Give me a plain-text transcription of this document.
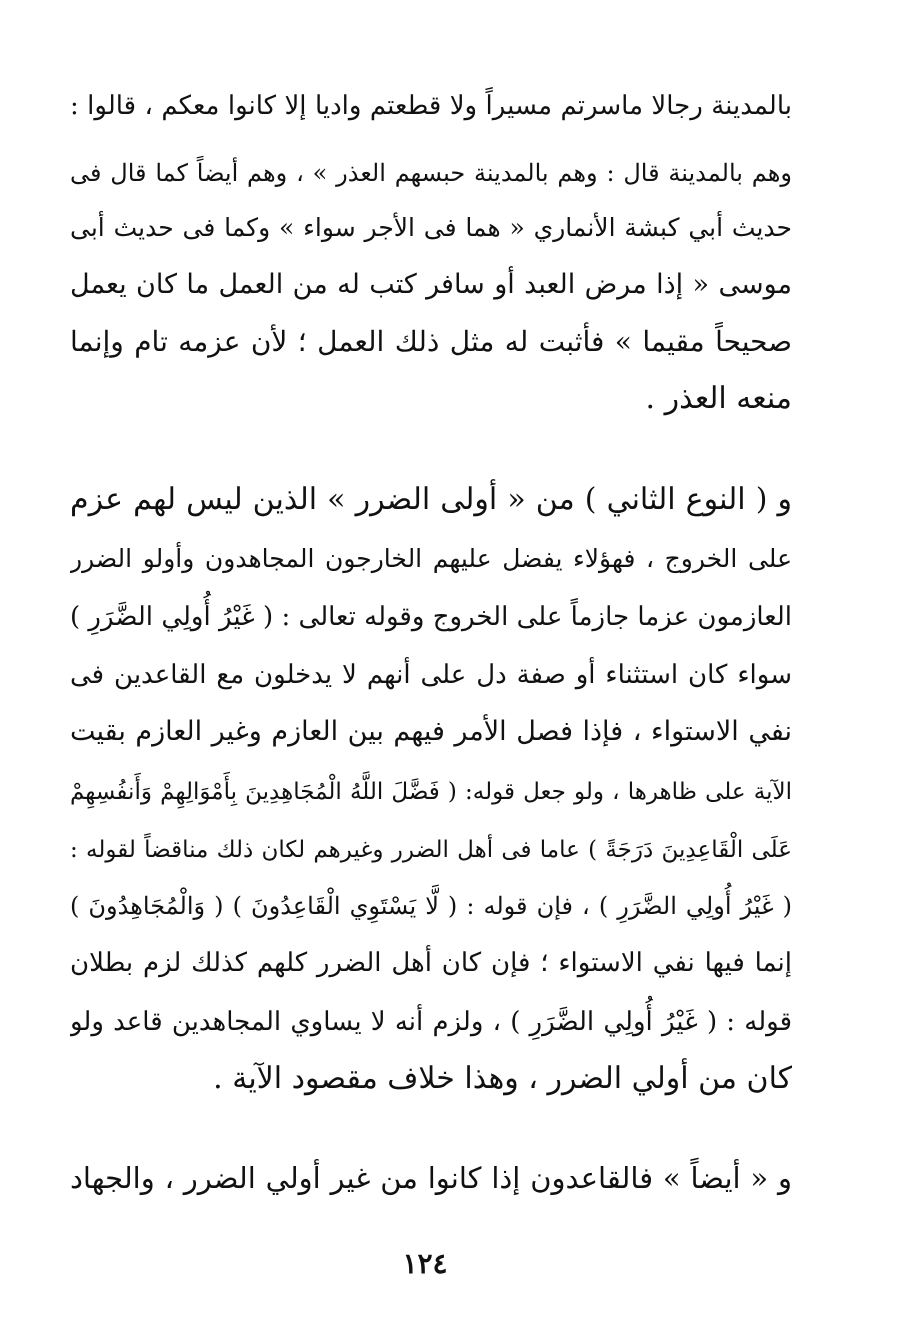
بالمدينة رجالا ماسرتم مسيراً ولا قطعتم واديا إلا كانوا معكم ، قالوا :
وهم بالمدينة قال : وهم بالمدينة حبسهم العذر » ، وهم أيضاً كما قال فى
حديث أبي كبشة الأنماري « هما فى الأجر سواء » وكما فى حديث أبى
موسى « إذا مرض العبد أو سافر كتب له من العمل ما كان يعمل
صحيحاً مقيما » فأثبت له مثل ذلك العمل ؛ لأن عزمه تام وإنما
منعه العذر .
و ( النوع الثاني ) من « أولى الضرر » الذين ليس لهم عزم
على الخروج ، فهؤلاء يفضل عليهم الخارجون المجاهدون وأولو الضرر
العازمون عزما جازماً على الخروج وقوله تعالى : ( غَيْرُ أُولِي الضَّرَرِ )
سواء كان استثناء أو صفة دل على أنهم لا يدخلون مع القاعدين فى
نفي الاستواء ، فإذا فصل الأمر فيهم بين العازم وغير العازم بقيت
الآية على ظاهرها ، ولو جعل قوله: ( فَضَّلَ اللَّهُ الْمُجَاهِدِينَ بِأَمْوَالِهِمْ وَأَنفُسِهِمْ
عَلَى الْقَاعِدِينَ دَرَجَةً ) عاما فى أهل الضرر وغيرهم لكان ذلك مناقضاً لقوله :
( غَيْرُ أُولِي الضَّرَرِ ) ، فإن قوله : ( لَّا يَسْتَوِي الْقَاعِدُونَ ) ( وَالْمُجَاهِدُونَ )
إنما فيها نفي الاستواء ؛ فإن كان أهل الضرر كلهم كذلك لزم بطلان
قوله : ( غَيْرُ أُولِي الضَّرَرِ ) ، ولزم أنه لا يساوي المجاهدين قاعد ولو
كان من أولي الضرر ، وهذا خلاف مقصود الآية .
و « أيضاً » فالقاعدون إذا كانوا من غير أولي الضرر ، والجهاد
١٢٤
